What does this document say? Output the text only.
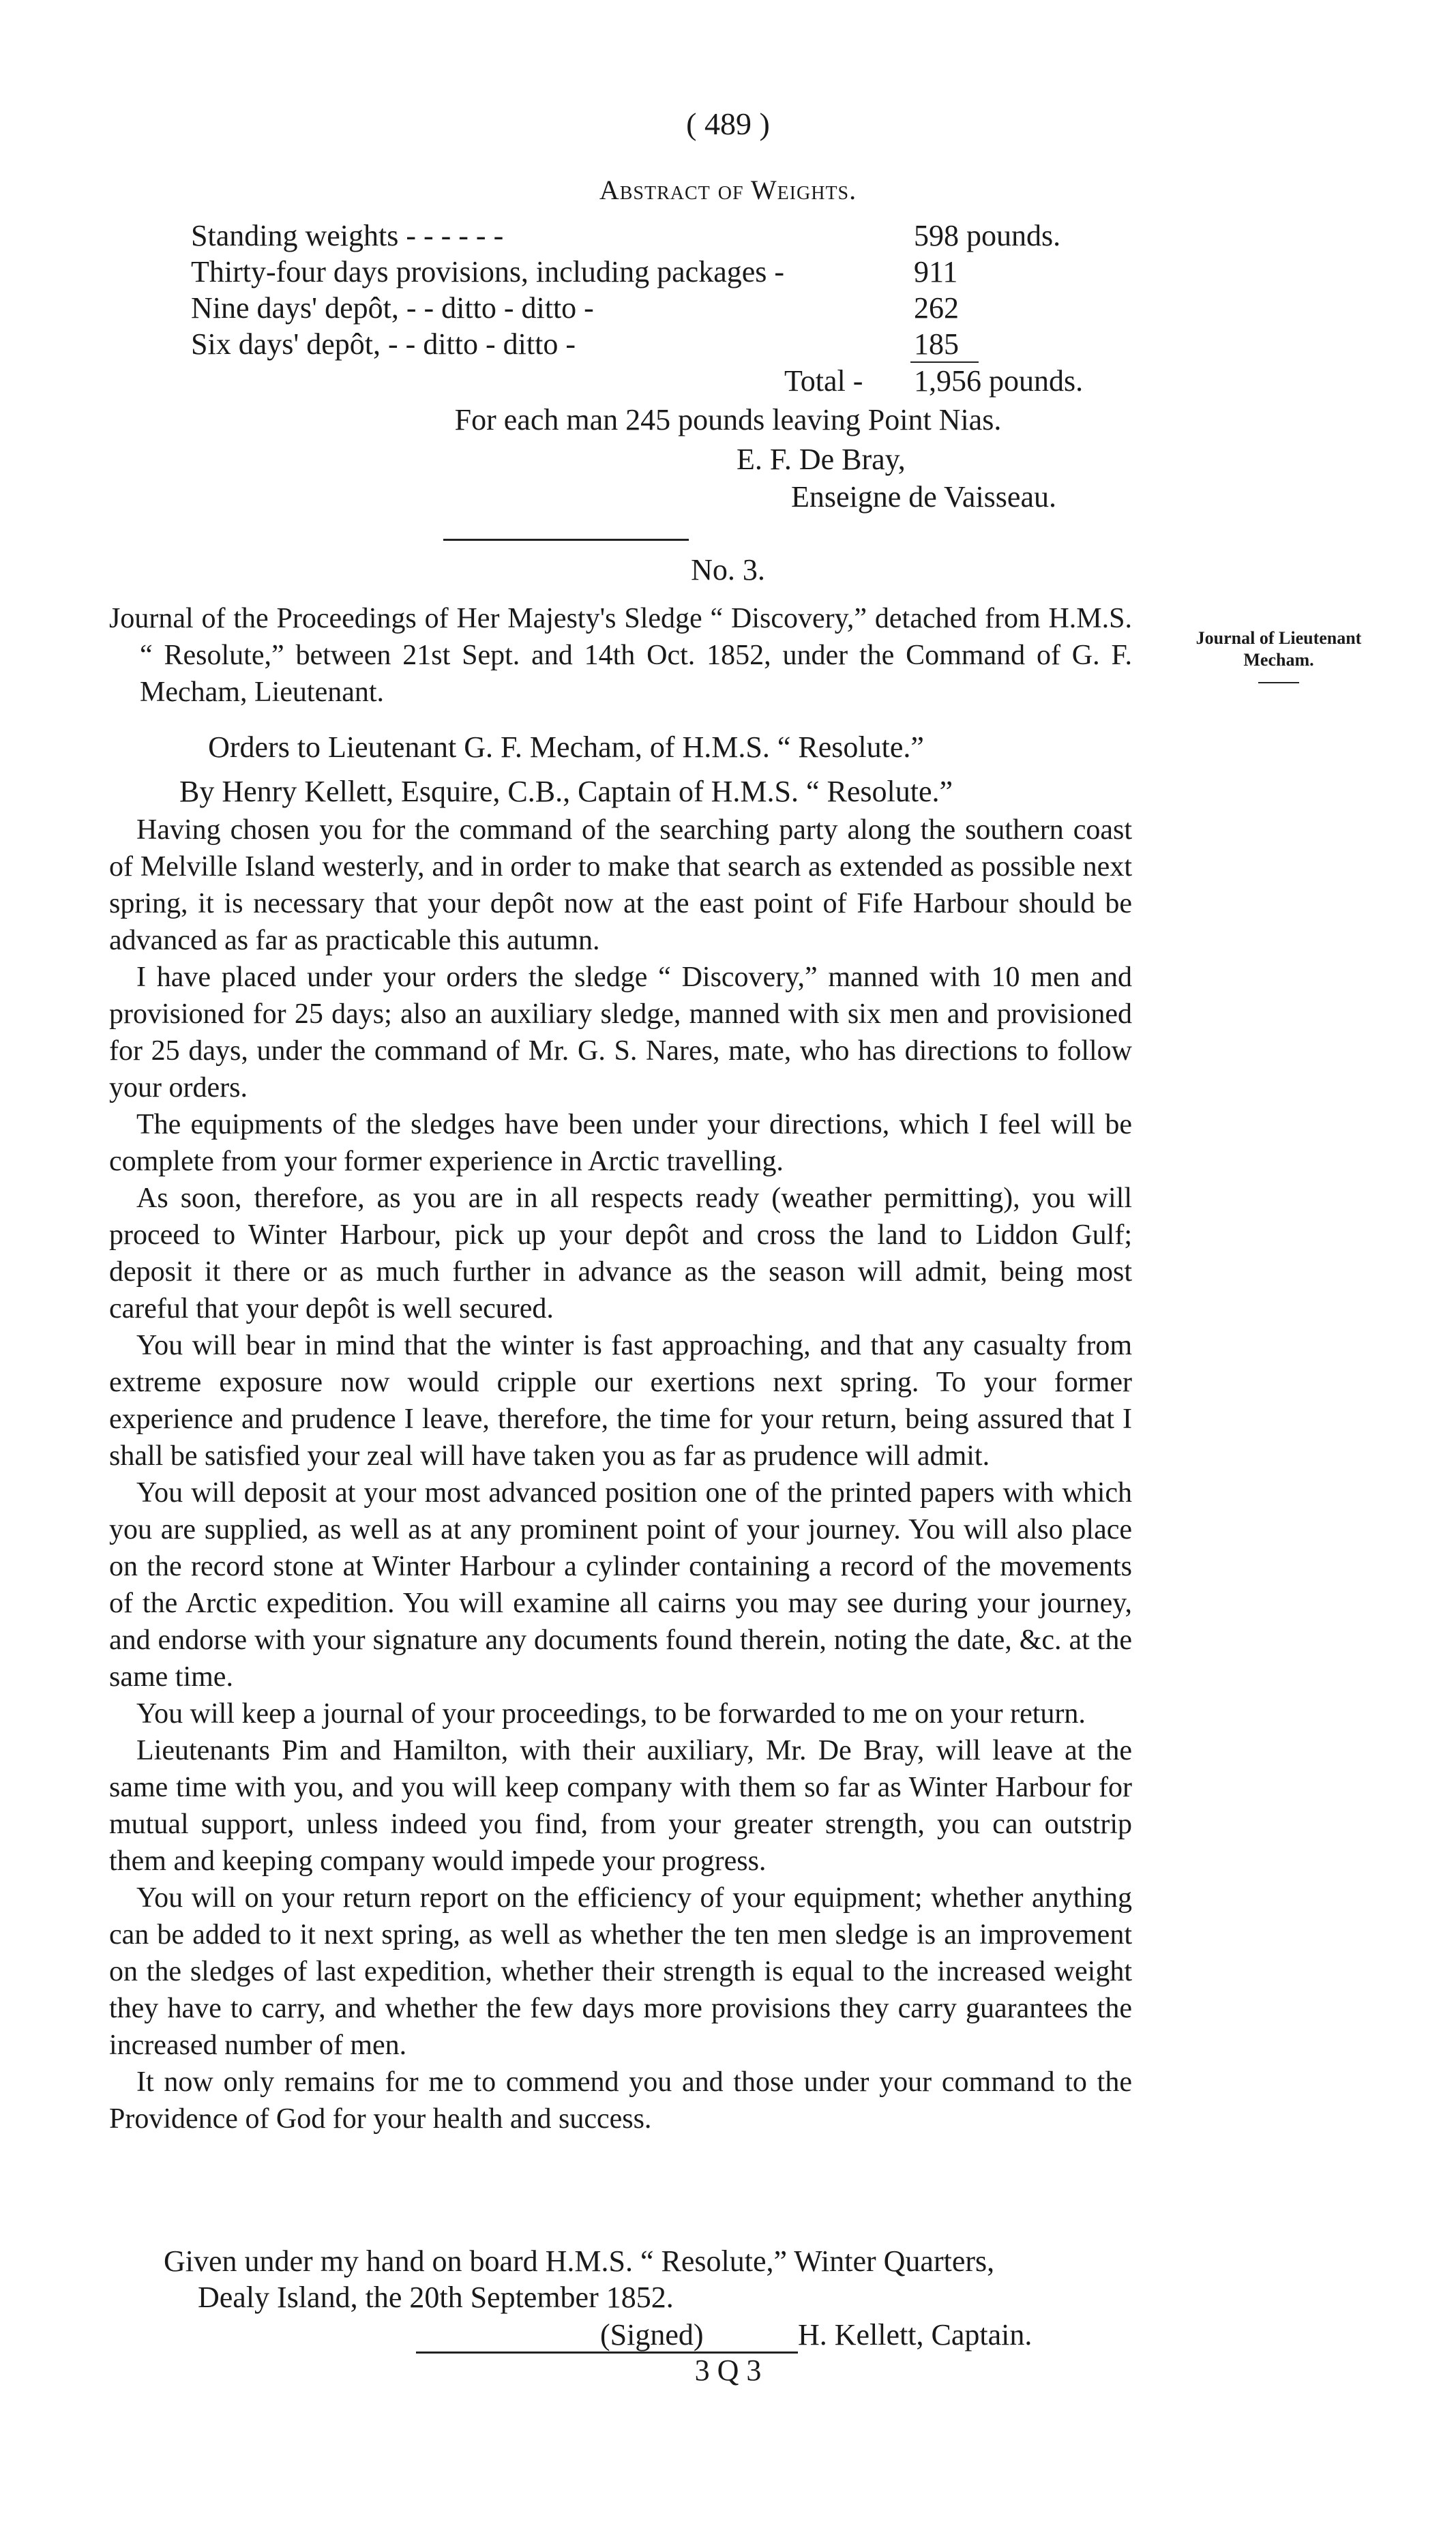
( 489 )
Abstract of Weights.
Standing weights - - - - - -	598 pounds.
Thirty-four days provisions, including packages -	911
Nine days' depôt, - - ditto - ditto -	262
Six days' depôt, - - ditto - ditto -	185
Total - 1,956 pounds.
For each man 245 pounds leaving Point Nias.
E. F. De Bray,
Enseigne de Vaisseau.
No. 3.

Journal of the Proceedings of Her Majesty's Sledge “ Discovery,” detached from H.M.S. “ Resolute,” between 21st Sept. and 14th Oct. 1852, under the Command of G. F. Mecham, Lieutenant.

Journal of Lieutenant Mecham.
Orders to Lieutenant G. F. Mecham, of H.M.S. “ Resolute.”
By Henry Kellett, Esquire, C.B., Captain of H.M.S. “ Resolute.”

Having chosen you for the command of the searching party along the southern coast of Melville Island westerly, and in order to make that search as extended as possible next spring, it is necessary that your depôt now at the east point of Fife Harbour should be advanced as far as practicable this autumn.

I have placed under your orders the sledge “ Discovery,” manned with 10 men and provisioned for 25 days; also an auxiliary sledge, manned with six men and provisioned for 25 days, under the command of Mr. G. S. Nares, mate, who has directions to follow your orders.

The equipments of the sledges have been under your directions, which I feel will be complete from your former experience in Arctic travelling.

As soon, therefore, as you are in all respects ready (weather permitting), you will proceed to Winter Harbour, pick up your depôt and cross the land to Liddon Gulf; deposit it there or as much further in advance as the season will admit, being most careful that your depôt is well secured.

You will bear in mind that the winter is fast approaching, and that any casualty from extreme exposure now would cripple our exertions next spring. To your former experience and prudence I leave, therefore, the time for your return, being assured that I shall be satisfied your zeal will have taken you as far as prudence will admit.

You will deposit at your most advanced position one of the printed papers with which you are supplied, as well as at any prominent point of your journey. You will also place on the record stone at Winter Harbour a cylinder containing a record of the movements of the Arctic expedition. You will examine all cairns you may see during your journey, and endorse with your signature any documents found therein, noting the date, &c. at the same time.

You will keep a journal of your proceedings, to be forwarded to me on your return.

Lieutenants Pim and Hamilton, with their auxiliary, Mr. De Bray, will leave at the same time with you, and you will keep company with them so far as Winter Harbour for mutual support, unless indeed you find, from your greater strength, you can outstrip them and keeping company would impede your progress.

You will on your return report on the efficiency of your equipment; whether anything can be added to it next spring, as well as whether the ten men sledge is an improvement on the sledges of last expedition, whether their strength is equal to the increased weight they have to carry, and whether the few days more provisions they carry guarantees the increased number of men.

It now only remains for me to commend you and those under your command to the Providence of God for your health and success.

Given under my hand on board H.M.S. “ Resolute,” Winter Quarters,
Dealy Island, the 20th September 1852.
(Signed)	H. Kellett, Captain.
3 Q 3
